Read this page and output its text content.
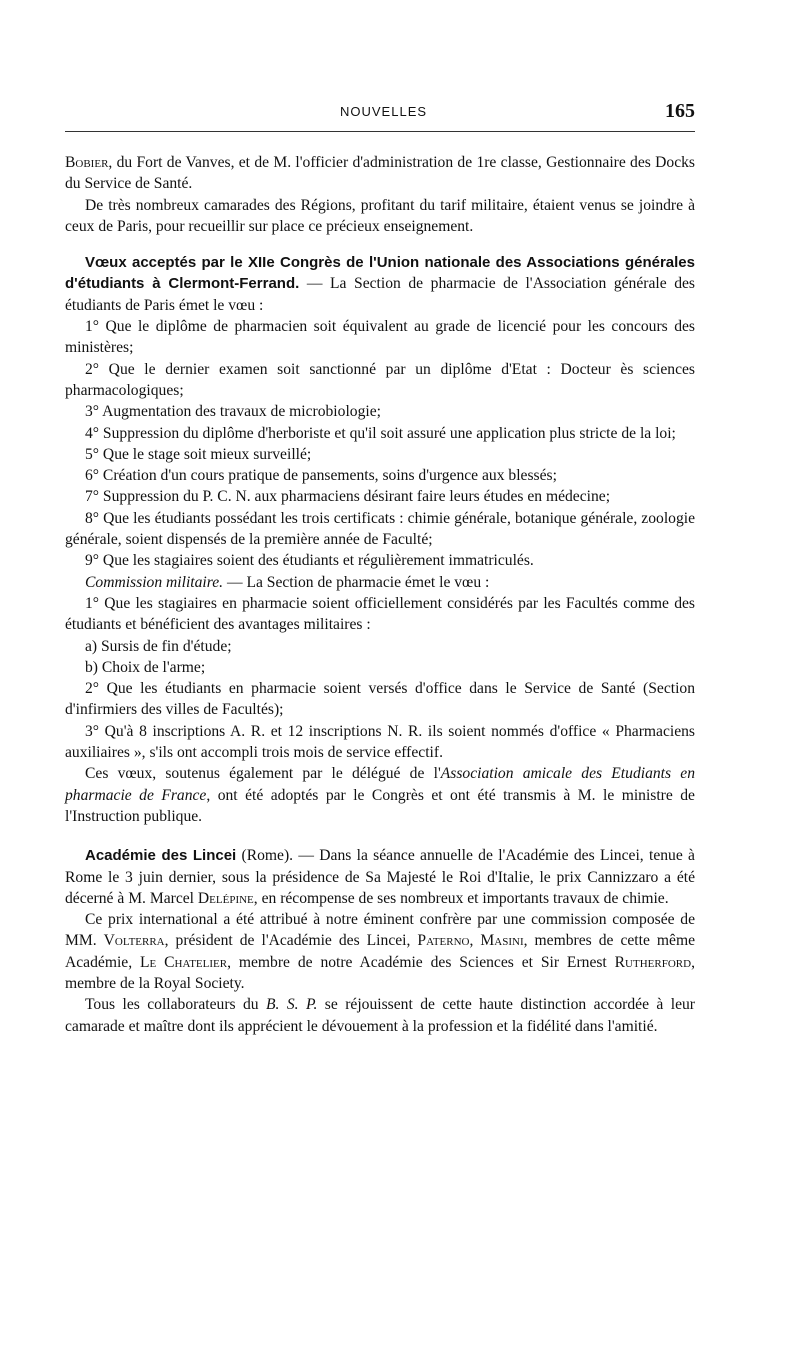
NOUVELLES	165

Bobier, du Fort de Vanves, et de M. l'officier d'administration de 1re classe, Gestionnaire des Docks du Service de Santé.

De très nombreux camarades des Régions, profitant du tarif militaire, étaient venus se joindre à ceux de Paris, pour recueillir sur place ce précieux enseignement.

Vœux acceptés par le XIIe Congrès de l'Union nationale des Associations générales d'étudiants à Clermont-Ferrand. — La Section de pharmacie de l'Association générale des étudiants de Paris émet le vœu :

1° Que le diplôme de pharmacien soit équivalent au grade de licencié pour les concours des ministères;

2° Que le dernier examen soit sanctionné par un diplôme d'Etat : Docteur ès sciences pharmacologiques;

3° Augmentation des travaux de microbiologie;

4° Suppression du diplôme d'herboriste et qu'il soit assuré une application plus stricte de la loi;

5° Que le stage soit mieux surveillé;

6° Création d'un cours pratique de pansements, soins d'urgence aux blessés;

7° Suppression du P. C. N. aux pharmaciens désirant faire leurs études en médecine;

8° Que les étudiants possédant les trois certificats : chimie générale, botanique générale, zoologie générale, soient dispensés de la première année de Faculté;

9° Que les stagiaires soient des étudiants et régulièrement immatriculés.

Commission militaire. — La Section de pharmacie émet le vœu :

1° Que les stagiaires en pharmacie soient officiellement considérés par les Facultés comme des étudiants et bénéficient des avantages militaires :

a) Sursis de fin d'étude;

b) Choix de l'arme;

2° Que les étudiants en pharmacie soient versés d'office dans le Service de Santé (Section d'infirmiers des villes de Facultés);

3° Qu'à 8 inscriptions A. R. et 12 inscriptions N. R. ils soient nommés d'office « Pharmaciens auxiliaires », s'ils ont accompli trois mois de service effectif.

Ces vœux, soutenus également par le délégué de l'Association amicale des Etudiants en pharmacie de France, ont été adoptés par le Congrès et ont été transmis à M. le ministre de l'Instruction publique.

Académie des Lincei (Rome). — Dans la séance annuelle de l'Académie des Lincei, tenue à Rome le 3 juin dernier, sous la présidence de Sa Majesté le Roi d'Italie, le prix Cannizzaro a été décerné à M. Marcel Delépine, en récompense de ses nombreux et importants travaux de chimie.

Ce prix international a été attribué à notre éminent confrère par une commission composée de MM. Volterra, président de l'Académie des Lincei, Paterno, Masini, membres de cette même Académie, Le Chatelier, membre de notre Académie des Sciences et Sir Ernest Rutherford, membre de la Royal Society.

Tous les collaborateurs du B. S. P. se réjouissent de cette haute distinction accordée à leur camarade et maître dont ils apprécient le dévouement à la profession et la fidélité dans l'amitié.
